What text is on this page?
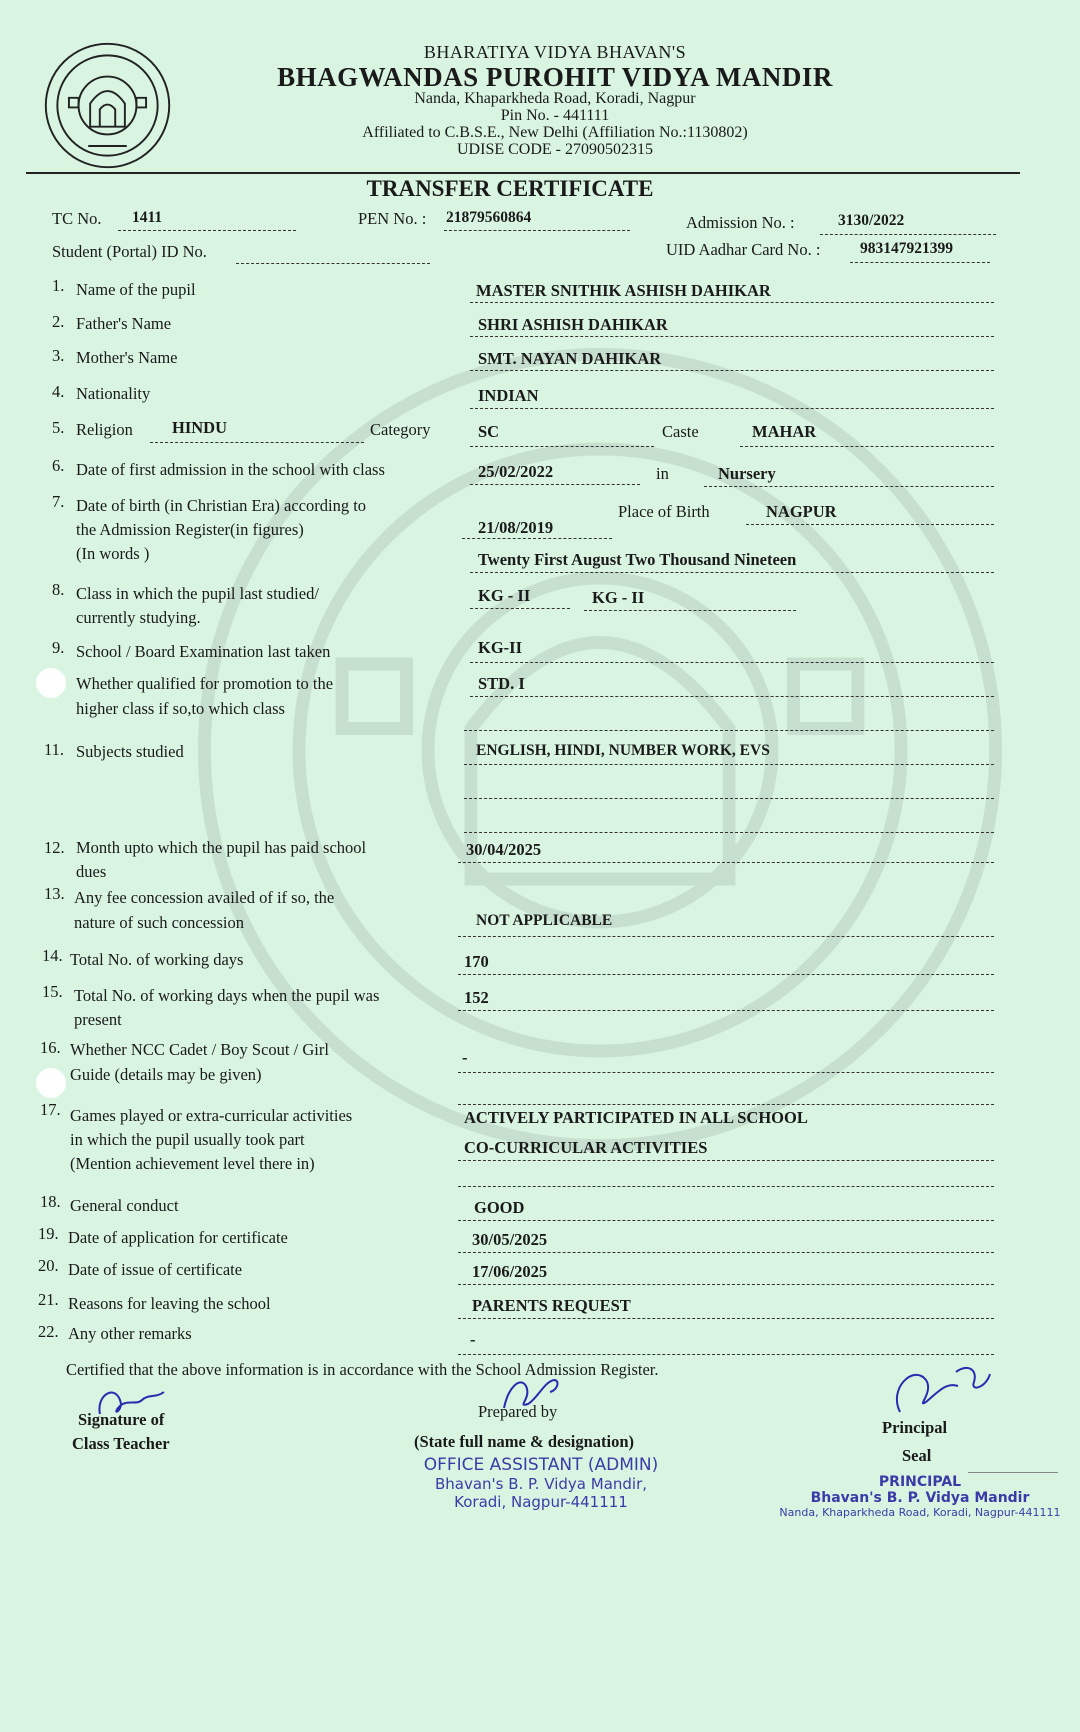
BHARATIYA VIDYA BHAVAN'S
BHAGWANDAS PUROHIT VIDYA MANDIR
Nanda, Khaparkheda Road, Koradi, Nagpur
Pin No. - 441111
Affiliated to C.B.S.E., New Delhi (Affiliation No.:1130802)
UDISE CODE - 27090502315
TRANSFER CERTIFICATE
TC No. 1411	PEN No. : 21879560864	Admission No. :	3130/2022
Student (Portal) ID No.	UID Aadhar Card No. :	983147921399
1. Name of the pupil	MASTER SNITHIK ASHISH DAHIKAR
2. Father's Name	SHRI ASHISH DAHIKAR
3. Mother's Name	SMT. NAYAN DAHIKAR
4. Nationality	INDIAN
5. Religion HINDU	Category	SC	Caste	MAHAR
6. Date of first admission in the school with class	25/02/2022	in	Nursery
7. Date of birth (in Christian Era) according to
the Admission Register(in figures)
(In words )
Place of Birth	NAGPUR
21/08/2019
Twenty First August Two Thousand Nineteen
8. Class in which the pupil last studied/
currently studying.
KG - II	KG - II
9. School / Board Examination last taken	KG-II
Whether qualified for promotion to the
higher class if so,to which class
STD. I
11. Subjects studied	ENGLISH, HINDI, NUMBER WORK, EVS
12. Month upto which the pupil has paid school
dues
30/04/2025
13. Any fee concession availed of if so, the
nature of such concession	NOT APPLICABLE
14. Total No. of working days	170
15. Total No. of working days when the pupil was
present
152
16. Whether NCC Cadet / Boy Scout / Girl
Guide (details may be given)
-
17. Games played or extra-curricular activities
in which the pupil usually took part
(Mention achievement level there in)
ACTIVELY PARTICIPATED IN ALL SCHOOL
CO-CURRICULAR ACTIVITIES
18. General conduct	GOOD
19. Date of application for certificate	30/05/2025
20. Date of issue of certificate	17/06/2025
21. Reasons for leaving the school	PARENTS REQUEST
22. Any other remarks	-
Certified that the above information is in accordance with the School Admission Register.
Signature of
Class Teacher
Prepared by
(State full name & designation)
OFFICE ASSISTANT (ADMIN)
Bhavan's B. P. Vidya Mandir,
Koradi, Nagpur-441111
Principal
Seal
PRINCIPAL
Bhavan's B. P. Vidya Mandir
Nanda, Khaparkheda Road, Koradi, Nagpur-441111
